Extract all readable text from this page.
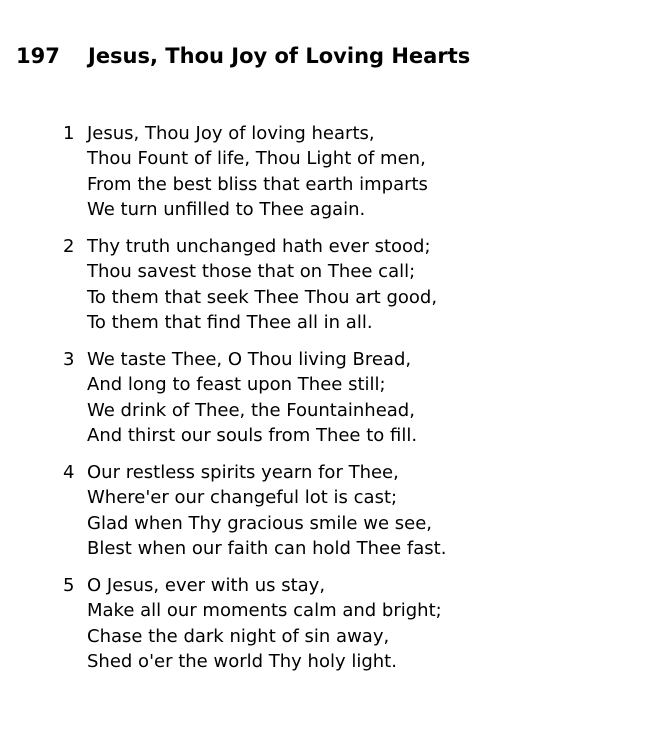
197 Jesus, Thou Joy of Loving Hearts
1 Jesus, Thou Joy of loving hearts,
Thou Fount of life, Thou Light of men,
From the best bliss that earth imparts
We turn unfilled to Thee again.
2 Thy truth unchanged hath ever stood;
Thou savest those that on Thee call;
To them that seek Thee Thou art good,
To them that find Thee all in all.
3 We taste Thee, O Thou living Bread,
And long to feast upon Thee still;
We drink of Thee, the Fountainhead,
And thirst our souls from Thee to fill.
4 Our restless spirits yearn for Thee,
Where'er our changeful lot is cast;
Glad when Thy gracious smile we see,
Blest when our faith can hold Thee fast.
5 O Jesus, ever with us stay,
Make all our moments calm and bright;
Chase the dark night of sin away,
Shed o'er the world Thy holy light.
